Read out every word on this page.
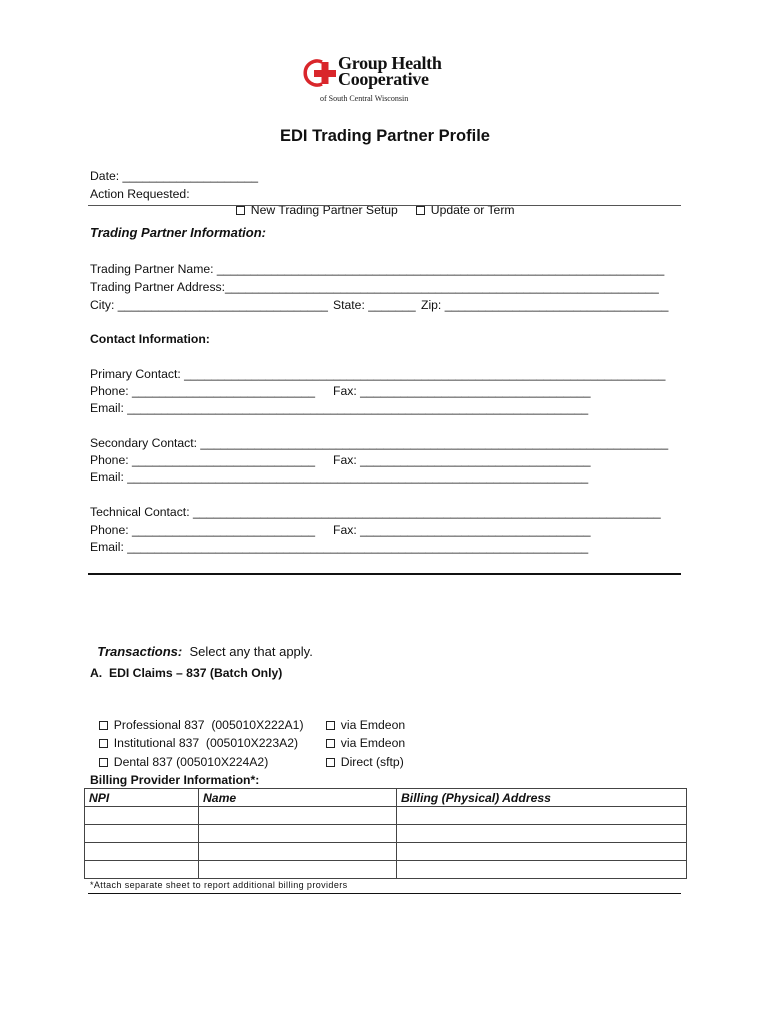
Group Health
Cooperative
of South Central Wisconsin
EDI Trading Partner Profile
Date: ____________________
Action Requested:

New Trading Partner Setup	Update or Term

Trading Partner Information:
Trading Partner Name: __________________________________________________________________
Trading Partner Address:________________________________________________________________
City: _______________________________ State: _______ Zip: _________________________________
Contact Information:
Primary Contact: _______________________________________________________________________
Phone: ___________________________ Fax: __________________________________
Email: ____________________________________________________________________
Secondary Contact: _____________________________________________________________________
Phone: ___________________________ Fax: __________________________________
Email: ____________________________________________________________________
Technical Contact: _____________________________________________________________________
Phone: ___________________________ Fax: __________________________________
Email: ____________________________________________________________________

Transactions: Select any that apply.

A.  EDI Claims – 837 (Batch Only)

Professional 837  (005010X222A1)	via Emdeon

Institutional 837  (005010X223A2)	via Emdeon

Dental 837 (005010X224A2)	Direct (sftp)

Billing Provider Information*:
NPI	Name	Billing (Physical) Address

*Attach separate sheet to report additional billing providers
